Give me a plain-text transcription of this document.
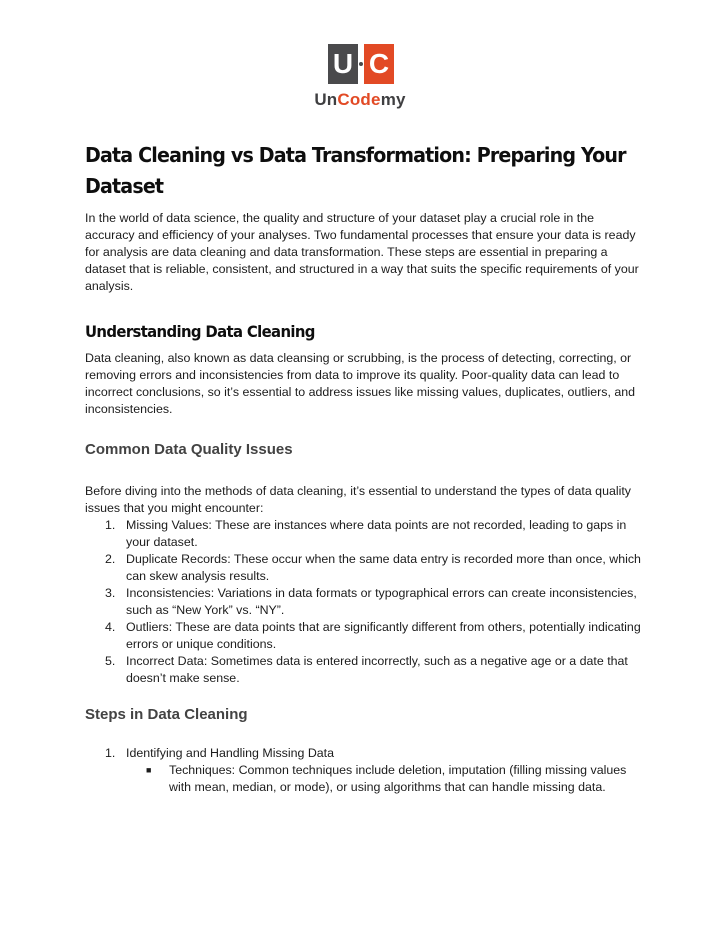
U C
UnCodemy
Data Cleaning vs Data Transformation: Preparing Your Dataset

In the world of data science, the quality and structure of your dataset play a crucial role in the accuracy and efficiency of your analyses. Two fundamental processes that ensure your data is ready for analysis are data cleaning and data transformation. These steps are essential in preparing a dataset that is reliable, consistent, and structured in a way that suits the specific requirements of your analysis.

Understanding Data Cleaning

Data cleaning, also known as data cleansing or scrubbing, is the process of detecting, correcting, or removing errors and inconsistencies from data to improve its quality. Poor-quality data can lead to incorrect conclusions, so it’s essential to address issues like missing values, duplicates, outliers, and inconsistencies.

Common Data Quality Issues

Before diving into the methods of data cleaning, it’s essential to understand the types of data quality issues that you might encounter:

1. Missing Values: These are instances where data points are not recorded, leading to gaps in your dataset.
2. Duplicate Records: These occur when the same data entry is recorded more than once, which can skew analysis results.
3. Inconsistencies: Variations in data formats or typographical errors can create inconsistencies, such as “New York” vs. “NY”.
4. Outliers: These are data points that are significantly different from others, potentially indicating errors or unique conditions.
5. Incorrect Data: Sometimes data is entered incorrectly, such as a negative age or a date that doesn’t make sense.
Steps in Data Cleaning
1. Identifying and Handling Missing Data
■ Techniques: Common techniques include deletion, imputation (filling missing values with mean, median, or mode), or using algorithms that can handle missing data.
